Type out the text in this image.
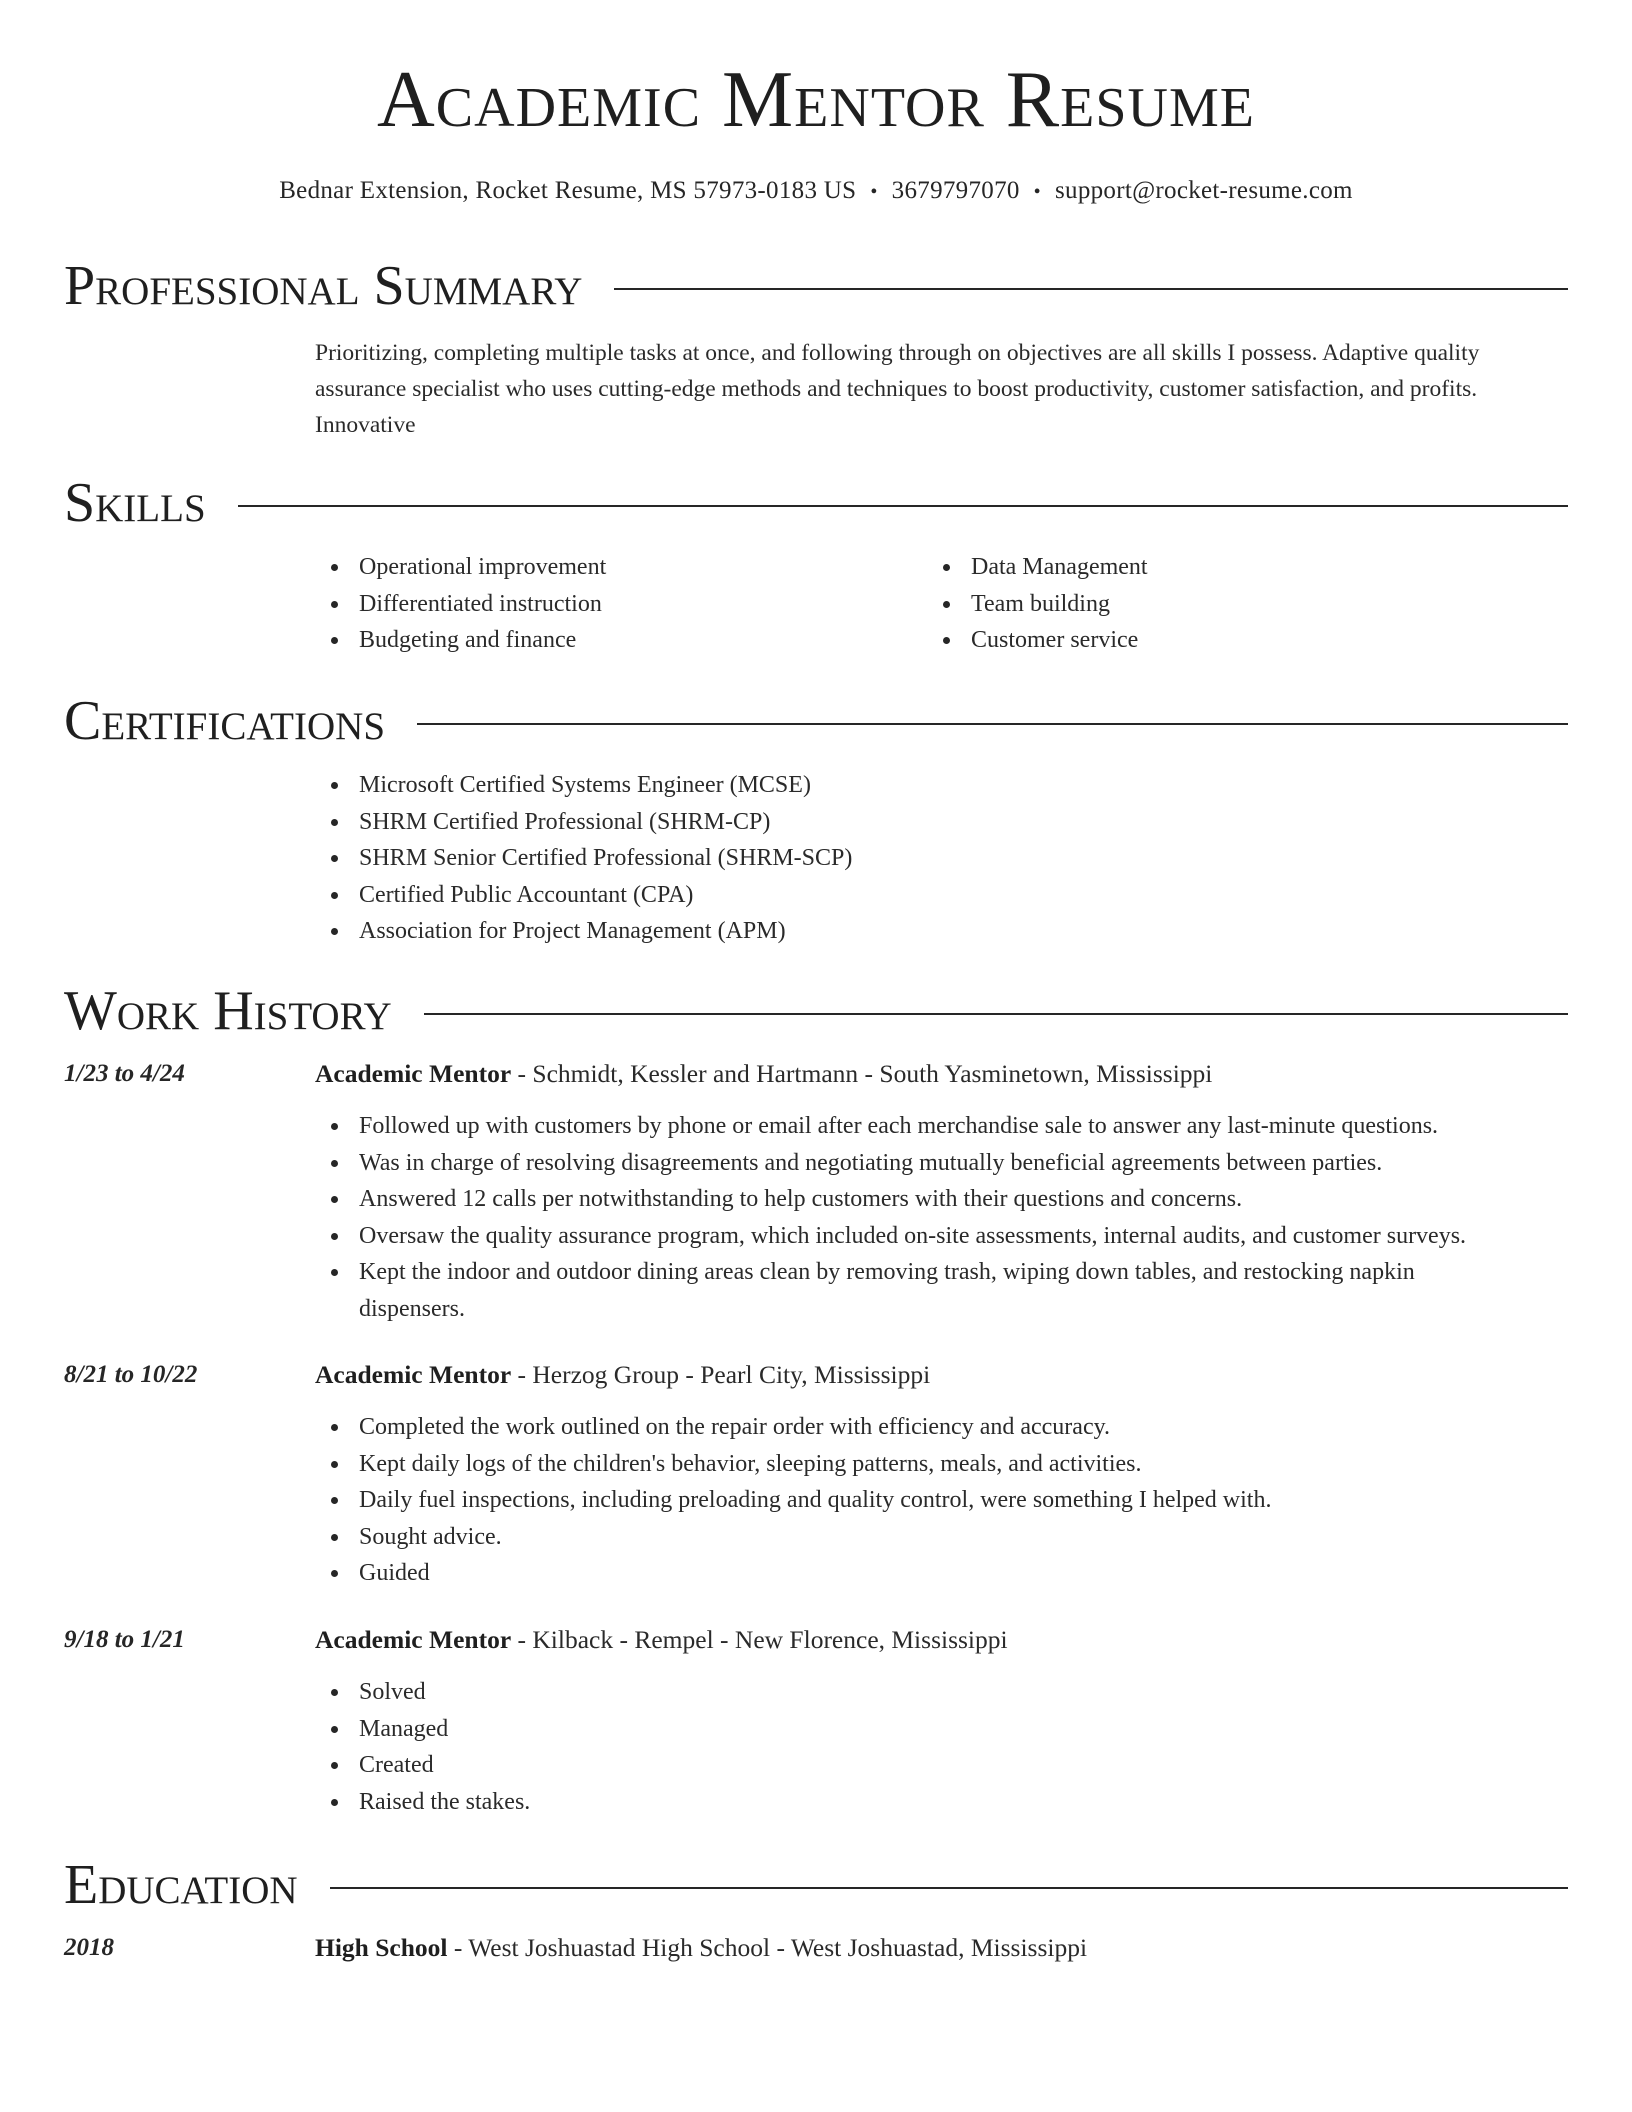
Academic Mentor Resume
Bednar Extension, Rocket Resume, MS 57973-0183 US • 3679797070 • support@rocket-resume.com
Professional Summary
Prioritizing, completing multiple tasks at once, and following through on objectives are all skills I possess. Adaptive quality assurance specialist who uses cutting-edge methods and techniques to boost productivity, customer satisfaction, and profits. Innovative
Skills
Operational improvement
Differentiated instruction
Budgeting and finance
Data Management
Team building
Customer service
Certifications
Microsoft Certified Systems Engineer (MCSE)
SHRM Certified Professional (SHRM-CP)
SHRM Senior Certified Professional (SHRM-SCP)
Certified Public Accountant (CPA)
Association for Project Management (APM)
Work History
1/23 to 4/24	Academic Mentor - Schmidt, Kessler and Hartmann - South Yasminetown, Mississippi
Followed up with customers by phone or email after each merchandise sale to answer any last-minute questions.
Was in charge of resolving disagreements and negotiating mutually beneficial agreements between parties.
Answered 12 calls per notwithstanding to help customers with their questions and concerns.
Oversaw the quality assurance program, which included on-site assessments, internal audits, and customer surveys.
Kept the indoor and outdoor dining areas clean by removing trash, wiping down tables, and restocking napkin dispensers.
8/21 to 10/22	Academic Mentor - Herzog Group - Pearl City, Mississippi
Completed the work outlined on the repair order with efficiency and accuracy.
Kept daily logs of the children's behavior, sleeping patterns, meals, and activities.
Daily fuel inspections, including preloading and quality control, were something I helped with.
Sought advice.
Guided
9/18 to 1/21	Academic Mentor - Kilback - Rempel - New Florence, Mississippi
Solved
Managed
Created
Raised the stakes.
Education
2018	High School - West Joshuastad High School - West Joshuastad, Mississippi
